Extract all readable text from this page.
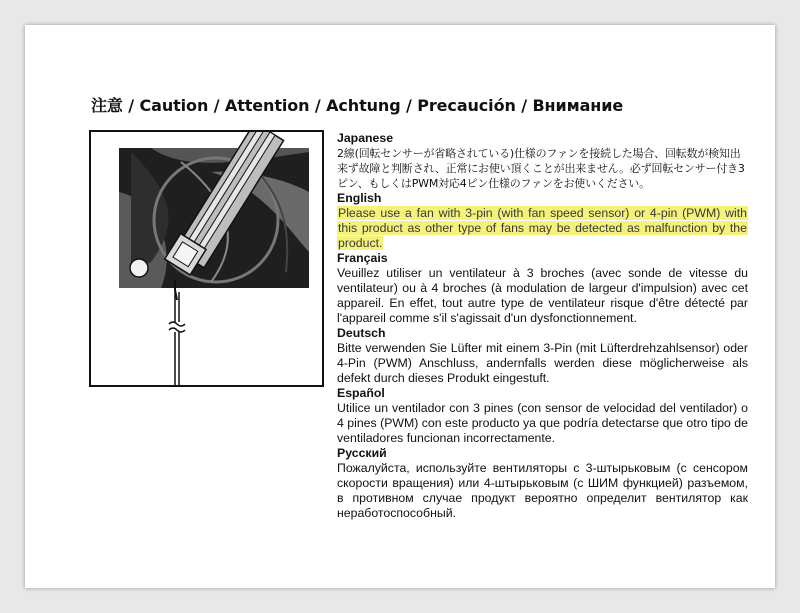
注意 / Caution / Attention / Achtung / Precaución / Внимание

Japanese

2線(回転センサーが省略されている)仕様のファンを接続した場合、回転数が検知出来ず故障と判断され、正常にお使い頂くことが出来ません。必ず回転センサー付き3ピン、もしくはPWM対応4ピン仕様のファンをお使いください。

English

Please use a fan with 3-pin (with fan speed sensor) or 4-pin (PWM) with this product as other type of fans may be detected as malfunction by the product.

Français

Veuillez utiliser un ventilateur à 3 broches (avec sonde de vitesse du ventilateur) ou à 4 broches (à modulation de largeur d'impulsion) avec cet appareil. En effet, tout autre type de ventilateur risque d'être détecté par l'appareil comme s'il s'agissait d'un dysfonctionnement.

Deutsch

Bitte verwenden Sie Lüfter mit einem 3-Pin (mit Lüfterdrehzahlsensor) oder 4-Pin (PWM) Anschluss, andernfalls werden diese möglicherweise als defekt durch dieses Produkt eingestuft.

Español

Utilice un ventilador con 3 pines (con sensor de velocidad del ventilador) o 4 pines (PWM) con este producto ya que podría detectarse que otro tipo de ventiladores funcionan incorrectamente.

Русский

Пожалуйста, используйте вентиляторы с 3-штырьковым (с сенсором скорости вращения) или 4-штырьковым (с ШИМ функцией) разъемом, в противном случае продукт вероятно определит вентилятор как неработоспособный.
